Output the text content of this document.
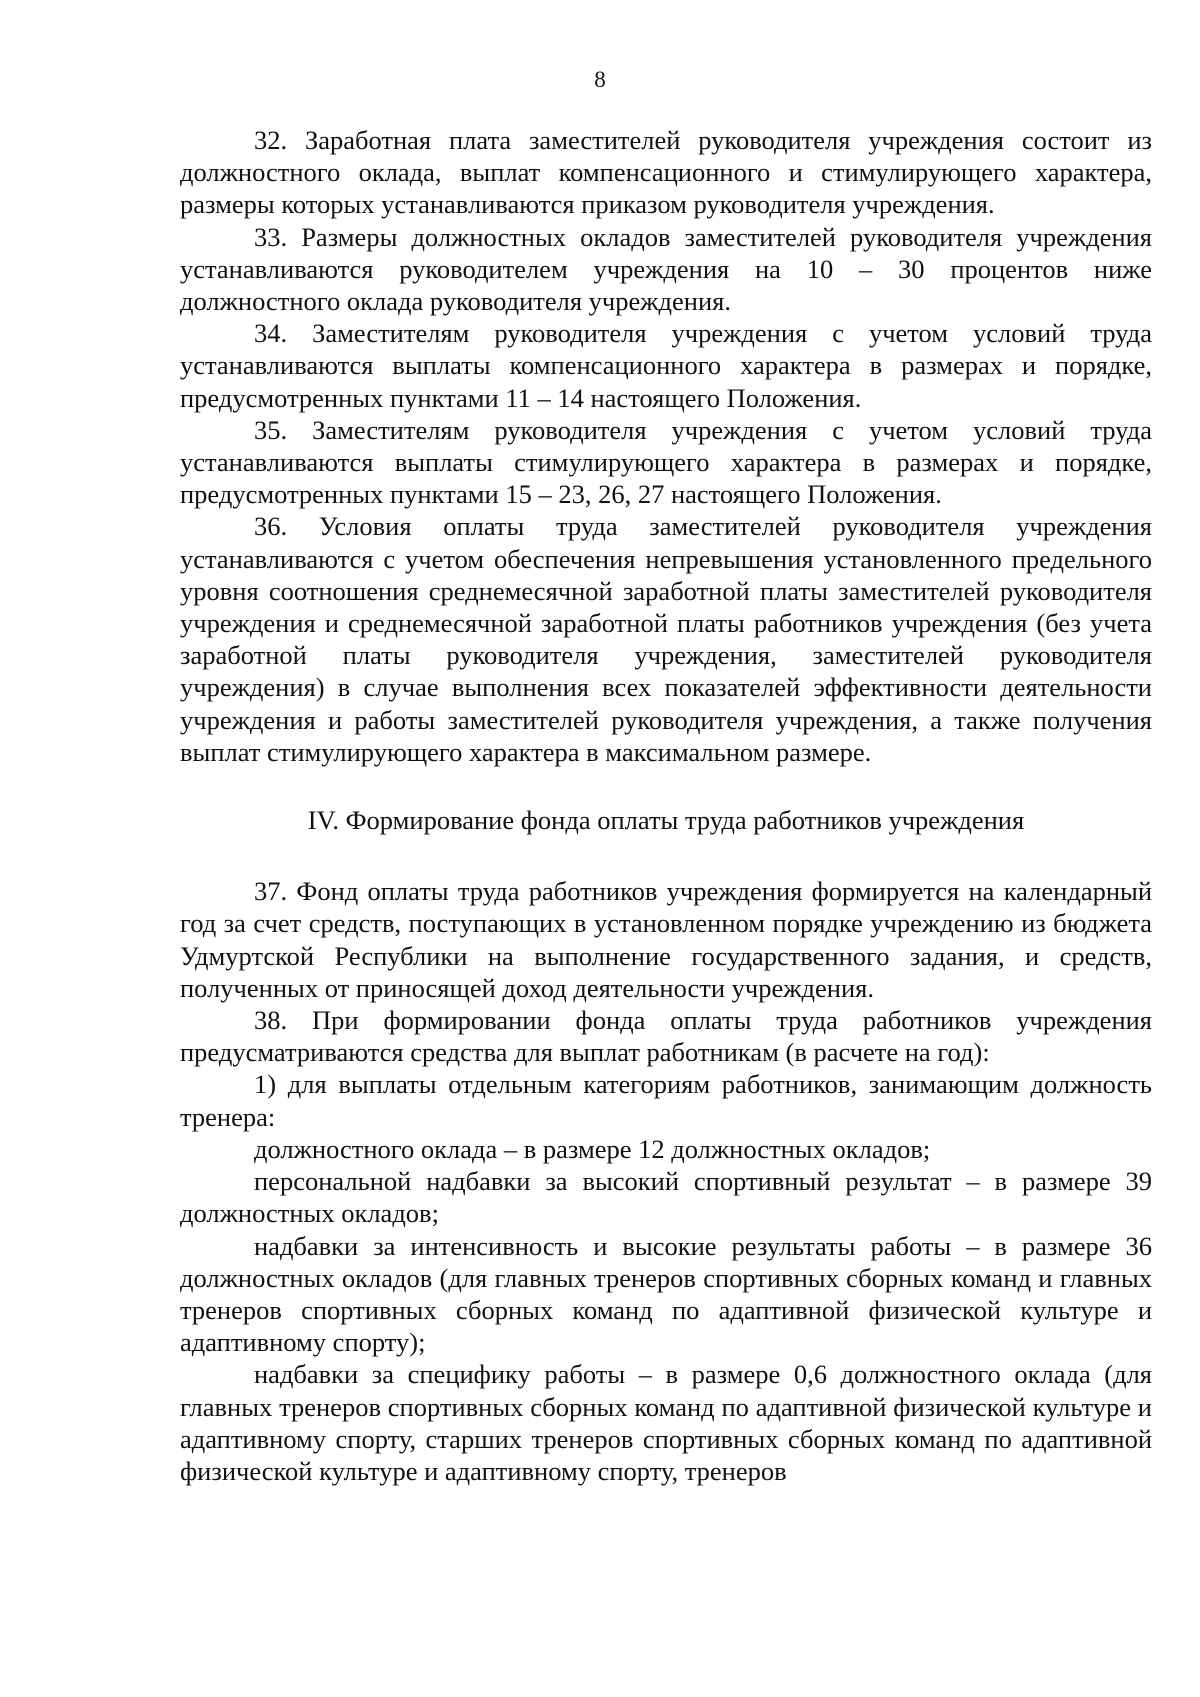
8

32. Заработная плата заместителей руководителя учреждения состоит из должностного оклада, выплат компенсационного и стимулирующего характера, размеры которых устанавливаются приказом руководителя учреждения.

33. Размеры должностных окладов заместителей руководителя учреждения устанавливаются руководителем учреждения на 10 – 30 процентов ниже должностного оклада руководителя учреждения.

34. Заместителям руководителя учреждения с учетом условий труда устанавливаются выплаты компенсационного характера в размерах и порядке, предусмотренных пунктами 11 – 14 настоящего Положения.

35. Заместителям руководителя учреждения с учетом условий труда устанавливаются выплаты стимулирующего характера в размерах и порядке, предусмотренных пунктами 15 – 23, 26, 27 настоящего Положения.

36. Условия оплаты труда заместителей руководителя учреждения устанавливаются с учетом обеспечения непревышения установленного предельного уровня соотношения среднемесячной заработной платы заместителей руководителя учреждения и среднемесячной заработной платы работников учреждения (без учета заработной платы руководителя учреждения, заместителей руководителя учреждения) в случае выполнения всех показателей эффективности деятельности учреждения и работы заместителей руководителя учреждения, а также получения выплат стимулирующего характера в максимальном размере.

IV. Формирование фонда оплаты труда работников учреждения

37. Фонд оплаты труда работников учреждения формируется на календарный год за счет средств, поступающих в установленном порядке учреждению из бюджета Удмуртской Республики на выполнение государственного задания, и средств, полученных от приносящей доход деятельности учреждения.

38. При формировании фонда оплаты труда работников учреждения предусматриваются средства для выплат работникам (в расчете на год):

1) для выплаты отдельным категориям работников, занимающим должность тренера:

должностного оклада – в размере 12 должностных окладов;

персональной надбавки за высокий спортивный результат – в размере 39 должностных окладов;

надбавки за интенсивность и высокие результаты работы – в размере 36 должностных окладов (для главных тренеров спортивных сборных команд и главных тренеров спортивных сборных команд по адаптивной физической культуре и адаптивному спорту);

надбавки за специфику работы – в размере 0,6 должностного оклада (для главных тренеров спортивных сборных команд по адаптивной физической культуре и адаптивному спорту, старших тренеров спортивных сборных команд по адаптивной физической культуре и адаптивному спорту, тренеров
